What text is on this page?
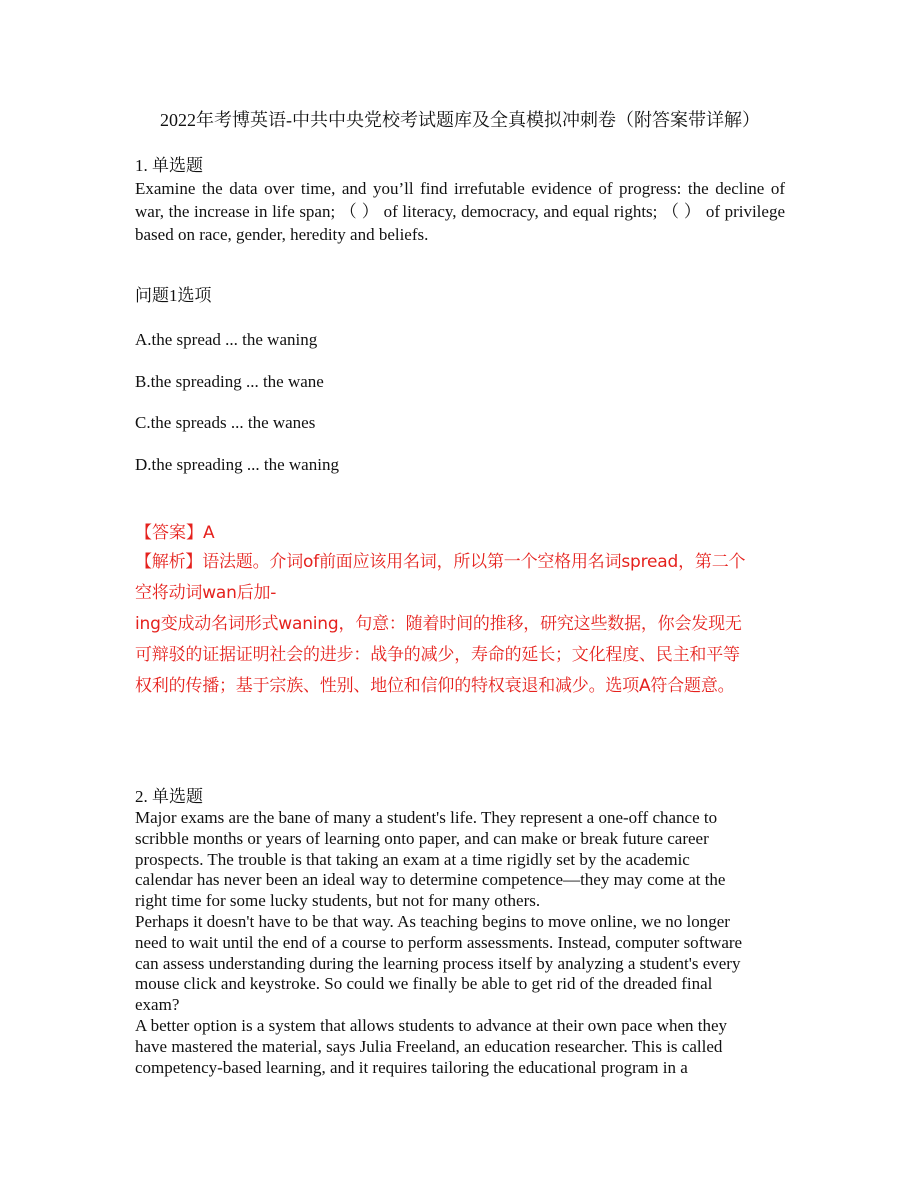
2022年考博英语-中共中央党校考试题库及全真模拟冲刺卷（附答案带详解）
1. 单选题
Examine the data over time, and you’ll find irrefutable evidence of progress: the decline of war, the increase in life span; （ ） of literacy, democracy, and equal rights; （ ） of privilege based on race, gender, heredity and beliefs.
问题1选项
A.the spread ... the waning
B.the spreading ... the wane
C.the spreads ... the wanes
D.the spreading ... the waning
【答案】A
【解析】语法题。介词of前面应该用名词，所以第一个空格用名词spread，第二个
空将动词wan后加-
ing变成动名词形式waning，句意：随着时间的推移，研究这些数据，你会发现无
可辩驳的证据证明社会的进步：战争的减少，寿命的延长；文化程度、民主和平等
权利的传播；基于宗族、性别、地位和信仰的特权衰退和减少。选项A符合题意。
2. 单选题

Major exams are the bane of many a student's life. They represent a one-off chance to

scribble months or years of learning onto paper, and can make or break future career

prospects. The trouble is that taking an exam at a time rigidly set by the academic

calendar has never been an ideal way to determine competence—they may come at the

right time for some lucky students, but not for many others.

Perhaps it doesn't have to be that way. As teaching begins to move online, we no longer

need to wait until the end of a course to perform assessments. Instead, computer software

can assess understanding during the learning process itself by analyzing a student's every

mouse click and keystroke. So could we finally be able to get rid of the dreaded final

exam?

A better option is a system that allows students to advance at their own pace when they

have mastered the material, says Julia Freeland, an education researcher. This is called

competency-based learning, and it requires tailoring the educational program in a
